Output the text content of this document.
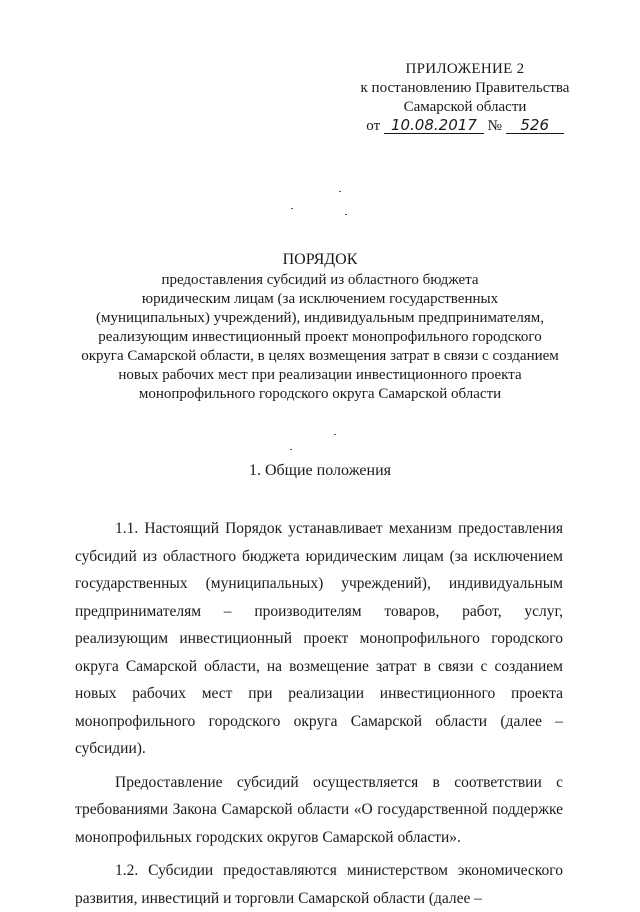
ПРИЛОЖЕНИЕ 2
к постановлению Правительства
Самарской области
от 10.08.2017 № 526
ПОРЯДОК
предоставления субсидий из областного бюджета
юридическим лицам (за исключением государственных
(муниципальных) учреждений), индивидуальным предпринимателям,
реализующим инвестиционный проект монопрофильного городского
округа Самарской области, в целях возмещения затрат в связи с созданием
новых рабочих мест при реализации инвестиционного проекта
монопрофильного городского округа Самарской области
1. Общие положения

1.1. Настоящий Порядок устанавливает механизм предоставления субсидий из областного бюджета юридическим лицам (за исключением государственных (муниципальных) учреждений), индивидуальным предпринимателям – производителям товаров, работ, услуг, реализующим инвестиционный проект монопрофильного городского округа Самарской области, на возмещение затрат в связи с созданием новых рабочих мест при реализации инвестиционного проекта монопрофильного городского округа Самарской области (далее – субсидии).

Предоставление субсидий осуществляется в соответствии с требованиями Закона Самарской области «О государственной поддержке монопрофильных городских округов Самарской области».

1.2. Субсидии предоставляются министерством экономического развития, инвестиций и торговли Самарской области (далее –
